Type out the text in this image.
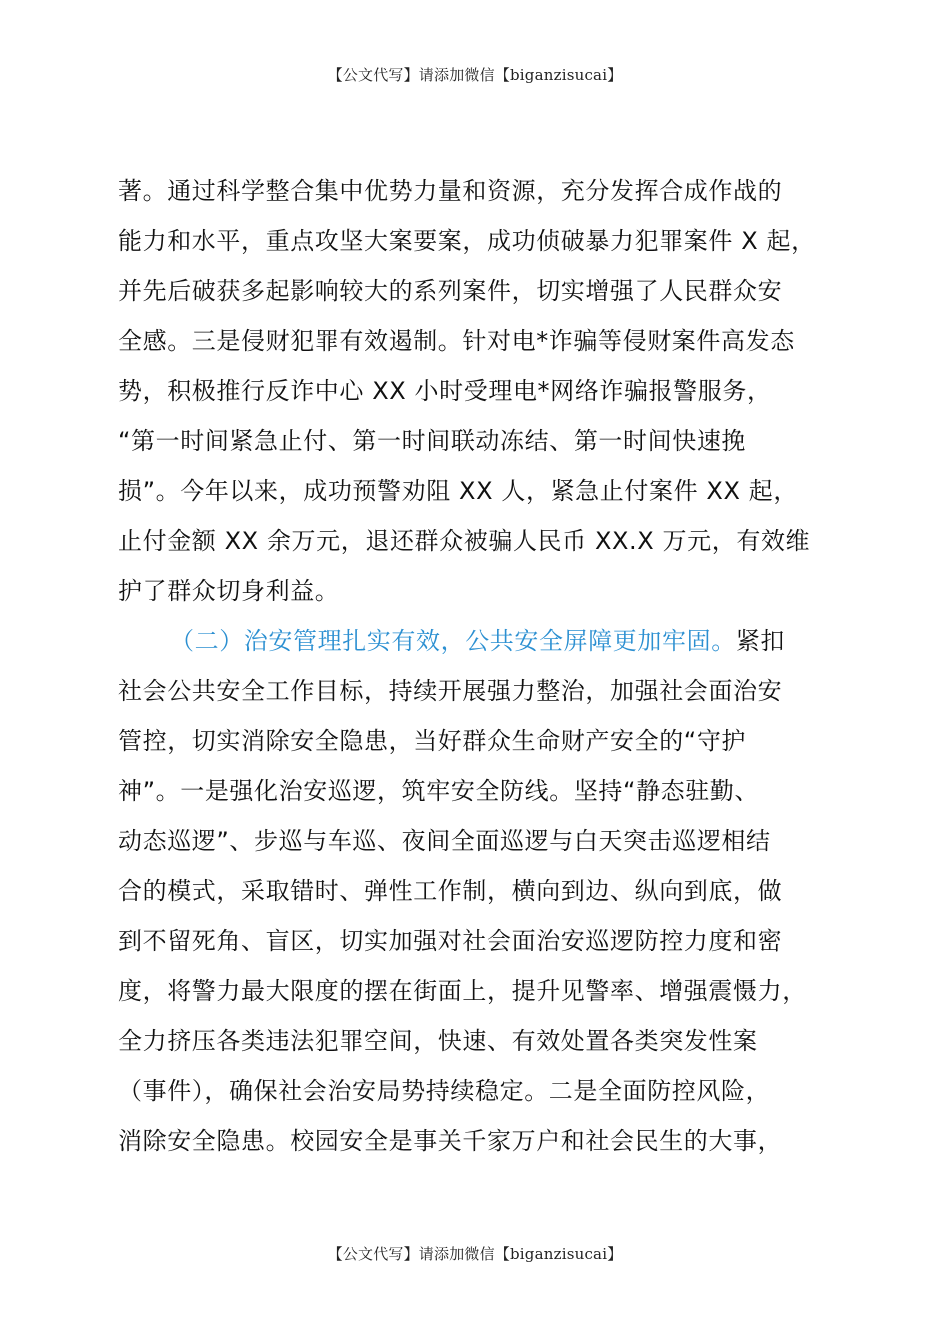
【公文代写】请添加微信【biganzisucai】
著。通过科学整合集中优势力量和资源，充分发挥合成作战的
能力和水平，重点攻坚大案要案，成功侦破暴力犯罪案件 X 起，
并先后破获多起影响较大的系列案件，切实增强了人民群众安
全感。三是侵财犯罪有效遏制。针对电*诈骗等侵财案件高发态
势，积极推行反诈中心 XX 小时受理电*网络诈骗报警服务，
“第一时间紧急止付、第一时间联动冻结、第一时间快速挽
损”。今年以来，成功预警劝阻 XX 人，紧急止付案件 XX 起，
止付金额 XX 余万元，退还群众被骗人民币 XX.X 万元，有效维
护了群众切身利益。
（二）治安管理扎实有效，公共安全屏障更加牢固。紧扣
社会公共安全工作目标，持续开展强力整治，加强社会面治安
管控，切实消除安全隐患，当好群众生命财产安全的“守护
神”。一是强化治安巡逻，筑牢安全防线。坚持“静态驻勤、
动态巡逻”、步巡与车巡、夜间全面巡逻与白天突击巡逻相结
合的模式，采取错时、弹性工作制，横向到边、纵向到底，做
到不留死角、盲区，切实加强对社会面治安巡逻防控力度和密
度，将警力最大限度的摆在街面上，提升见警率、增强震慑力，
全力挤压各类违法犯罪空间，快速、有效处置各类突发性案
（事件），确保社会治安局势持续稳定。二是全面防控风险，
消除安全隐患。校园安全是事关千家万户和社会民生的大事，
【公文代写】请添加微信【biganzisucai】
